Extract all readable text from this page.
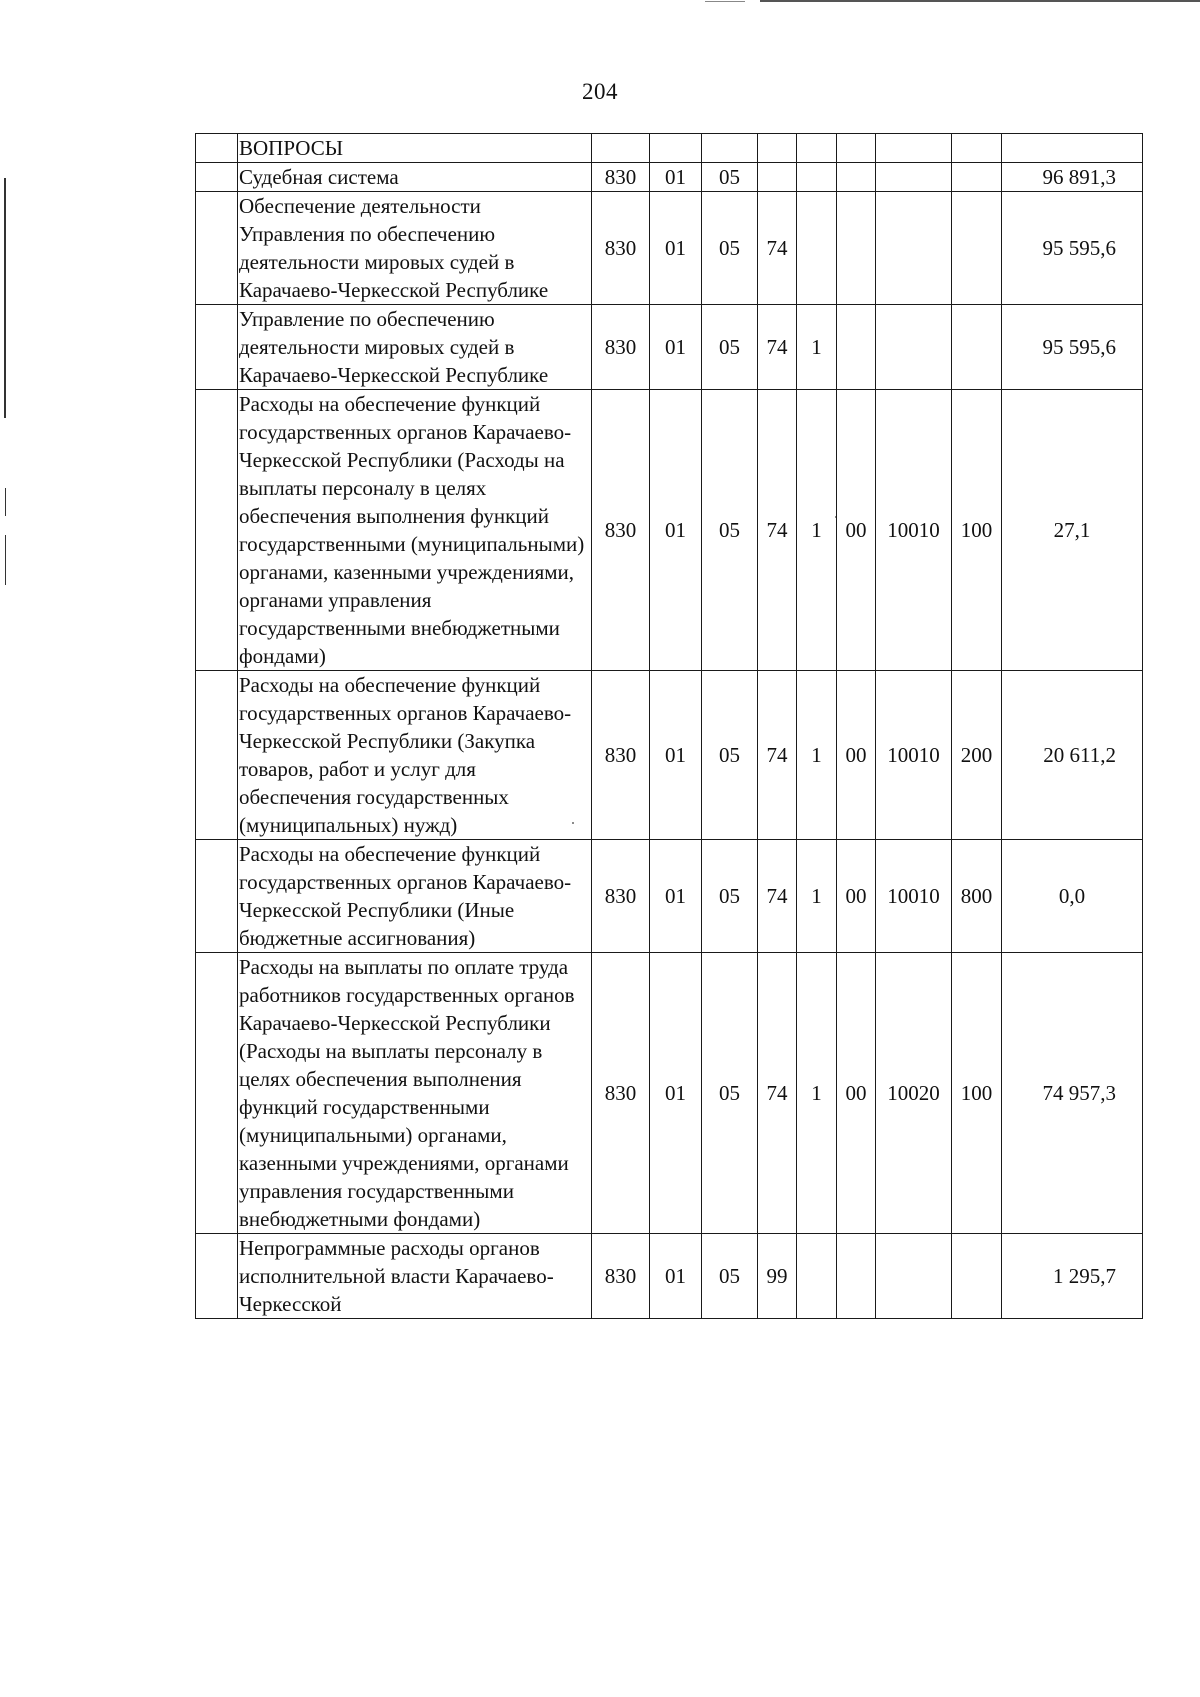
204
	ВОПРОСЫ									
	Судебная система	830	01	05						96 891,3
	Обеспечение деятельности Управления по обеспечению деятельности мировых судей в Карачаево-Черкесской Республике	830	01	05	74					95 595,6
	Управление по обеспечению деятельности мировых судей в Карачаево-Черкесской Республике	830	01	05	74	1				95 595,6
	Расходы на обеспечение функций государственных органов Карачаево-Черкесской Республики (Расходы на выплаты персоналу в целях обеспечения выполнения функций государственными (муниципальными) органами, казенными учреждениями, органами управления государственными внебюджетными фондами)	830	01	05	74	1	00	10010	100	27,1
	Расходы на обеспечение функций государственных органов Карачаево-Черкесской Республики (Закупка товаров, работ и услуг для обеспечения государственных (муниципальных) нужд)	830	01	05	74	1	00	10010	200	20 611,2
	Расходы на обеспечение функций государственных органов Карачаево-Черкесской Республики (Иные бюджетные ассигнования)	830	01	05	74	1	00	10010	800	0,0
	Расходы на выплаты по оплате труда работников государственных органов Карачаево-Черкесской Республики (Расходы на выплаты персоналу в целях обеспечения выполнения функций государственными (муниципальными) органами, казенными учреждениями, органами управления государственными внебюджетными фондами)	830	01	05	74	1	00	10020	100	74 957,3
	Непрограммные расходы органов исполнительной власти Карачаево-Черкесской	830	01	05	99					1 295,7
